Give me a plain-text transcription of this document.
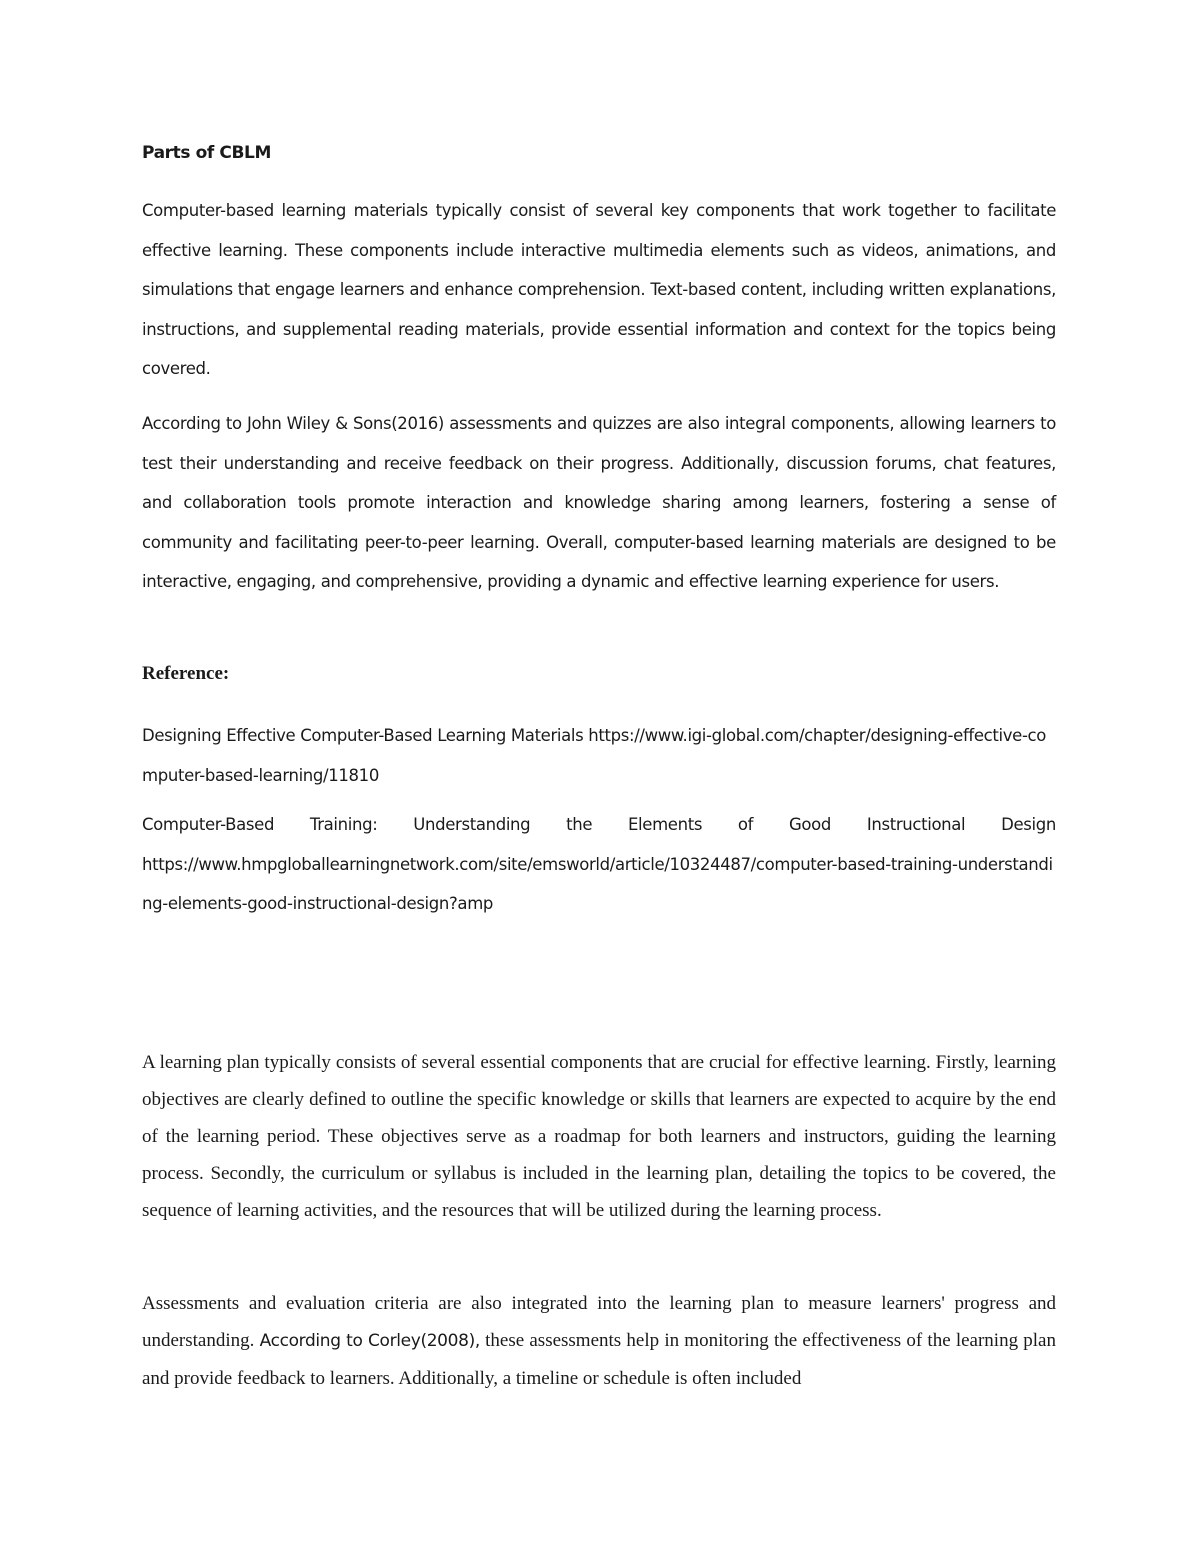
Parts of CBLM
Computer-based learning materials typically consist of several key components that work together to facilitate effective learning. These components include interactive multimedia elements such as videos, animations, and simulations that engage learners and enhance comprehension. Text-based content, including written explanations, instructions, and supplemental reading materials, provide essential information and context for the topics being covered.
According to John Wiley & Sons(2016) assessments and quizzes are also integral components, allowing learners to test their understanding and receive feedback on their progress. Additionally, discussion forums, chat features, and collaboration tools promote interaction and knowledge sharing among learners, fostering a sense of community and facilitating peer-to-peer learning. Overall, computer-based learning materials are designed to be interactive, engaging, and comprehensive, providing a dynamic and effective learning experience for users.
Reference:
Designing Effective Computer-Based Learning Materials https://www.igi-global.com/chapter/designing-effective-computer-based-learning/11810
Computer-Based Training: Understanding the Elements of Good Instructional Design
https://www.hmpgloballearningnetwork.com/site/emsworld/article/10324487/computer-based-training-understanding-elements-good-instructional-design?amp
A learning plan typically consists of several essential components that are crucial for effective learning. Firstly, learning objectives are clearly defined to outline the specific knowledge or skills that learners are expected to acquire by the end of the learning period. These objectives serve as a roadmap for both learners and instructors, guiding the learning process. Secondly, the curriculum or syllabus is included in the learning plan, detailing the topics to be covered, the sequence of learning activities, and the resources that will be utilized during the learning process.
Assessments and evaluation criteria are also integrated into the learning plan to measure learners' progress and understanding. According to Corley(2008), these assessments help in monitoring the effectiveness of the learning plan and provide feedback to learners. Additionally, a timeline or schedule is often included
